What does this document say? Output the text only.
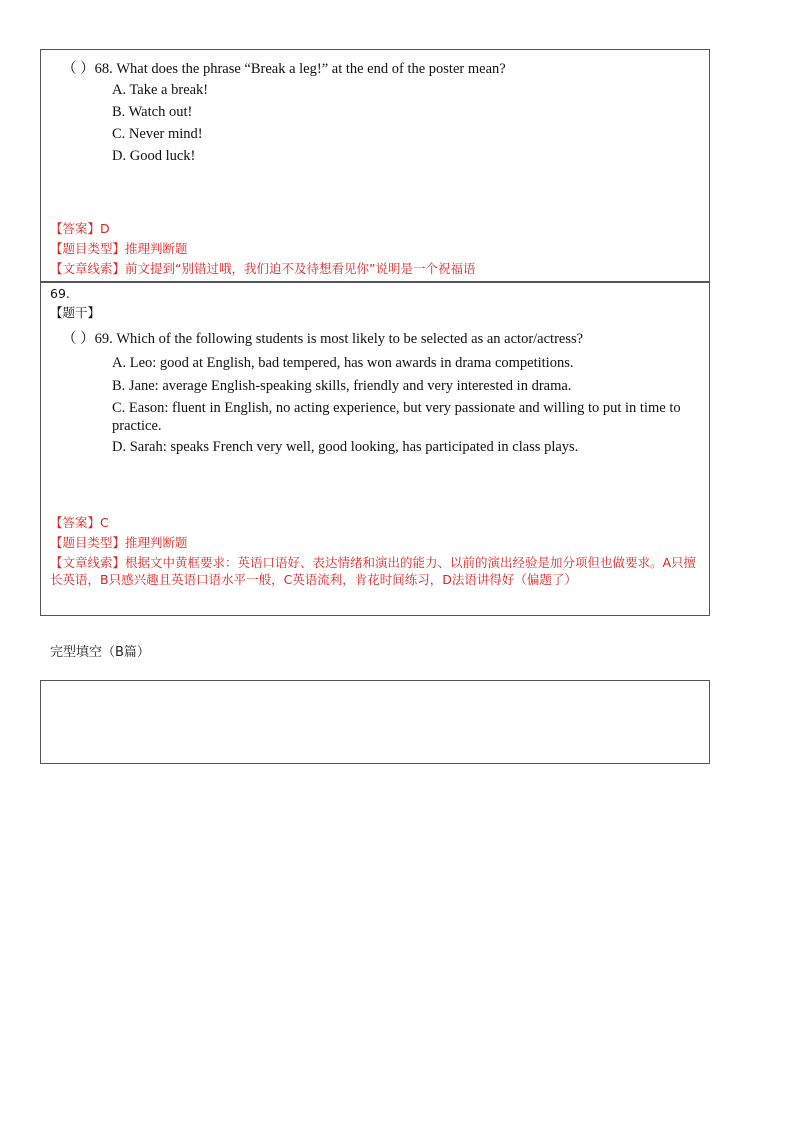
（ ）68. What does the phrase “Break a leg!” at the end of the poster mean?
A. Take a break!
B. Watch out!
C. Never mind!
D. Good luck!
【答案】D
【题目类型】推理判断题
【文章线索】前文提到“别错过哦，我们迫不及待想看见你”说明是一个祝福语
69.
【题干】
（ ）69. Which of the following students is most likely to be selected as an actor/actress?
A. Leo: good at English, bad tempered, has won awards in drama competitions.
B. Jane: average English-speaking skills, friendly and very interested in drama.
C. Eason: fluent in English, no acting experience, but very passionate and willing to put in time to practice.
D. Sarah: speaks French very well, good looking, has participated in class plays.
【答案】C
【题目类型】推理判断题
【文章线索】根据文中黄框要求：英语口语好、表达情绪和演出的能力、以前的演出经验是加分项但也做要求。A只擅长英语，B只感兴趣且英语口语水平一般，C英语流利，肯花时间练习，D法语讲得好（偏题了）
完型填空（B篇）
